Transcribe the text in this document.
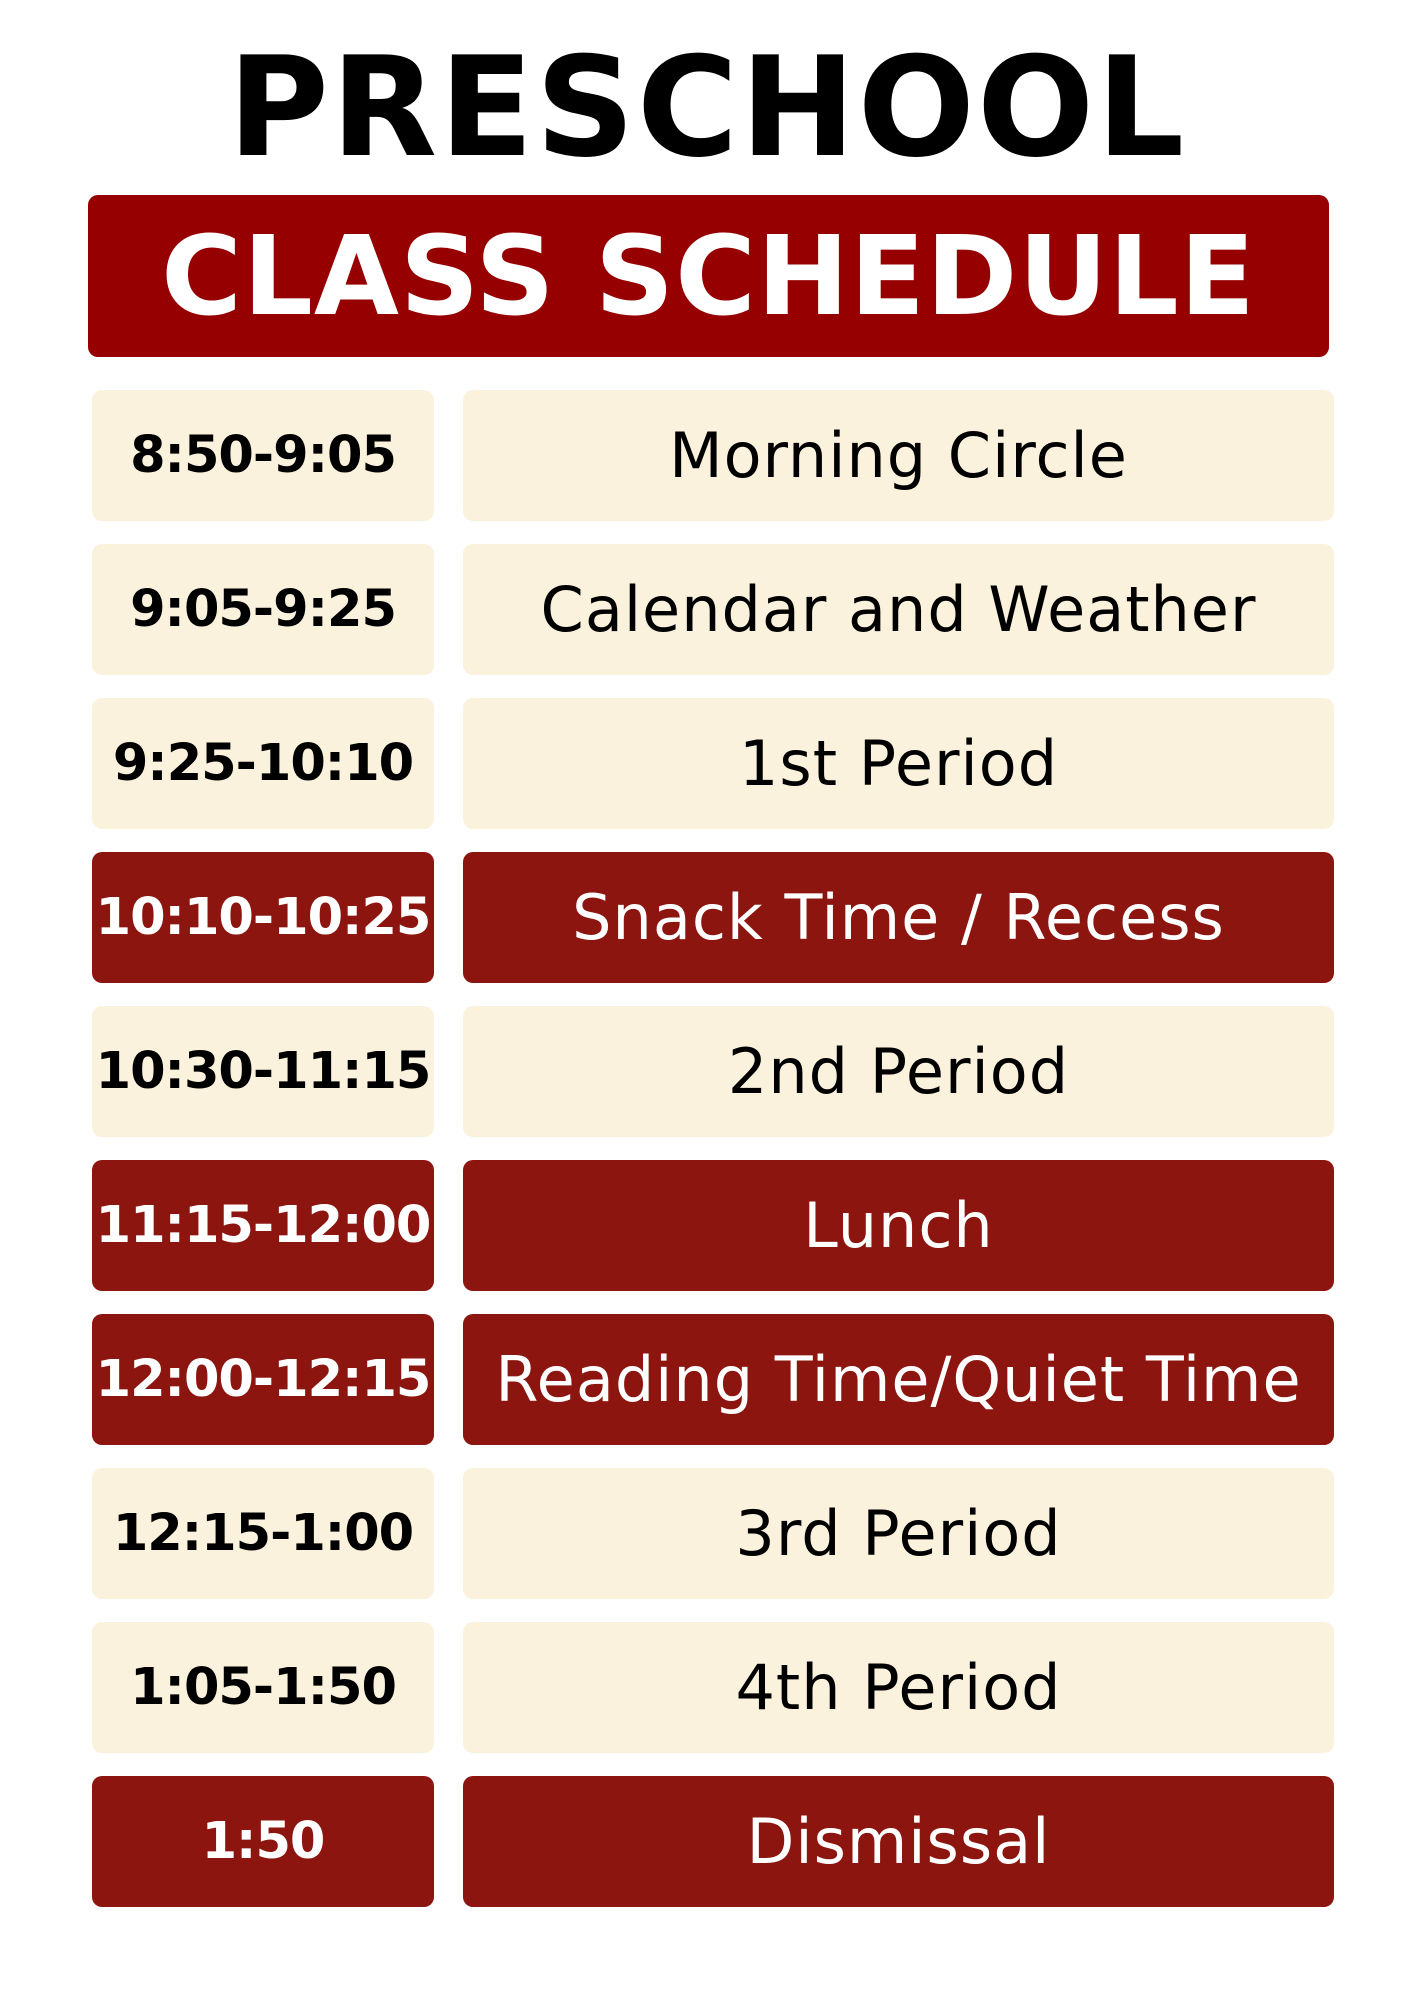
PRESCHOOL
CLASS SCHEDULE
8:50-9:05	Morning Circle
9:05-9:25 Calendar and Weather
9:25-10:10	1st Period
10:10-10:25 Snack Time / Recess
10:30-11:15	2nd Period
11:15-12:00	Lunch
12:00-12:15 Reading Time/Quiet Time
12:15-1:00	3rd Period
1:05-1:50	4th Period
1:50	Dismissal
